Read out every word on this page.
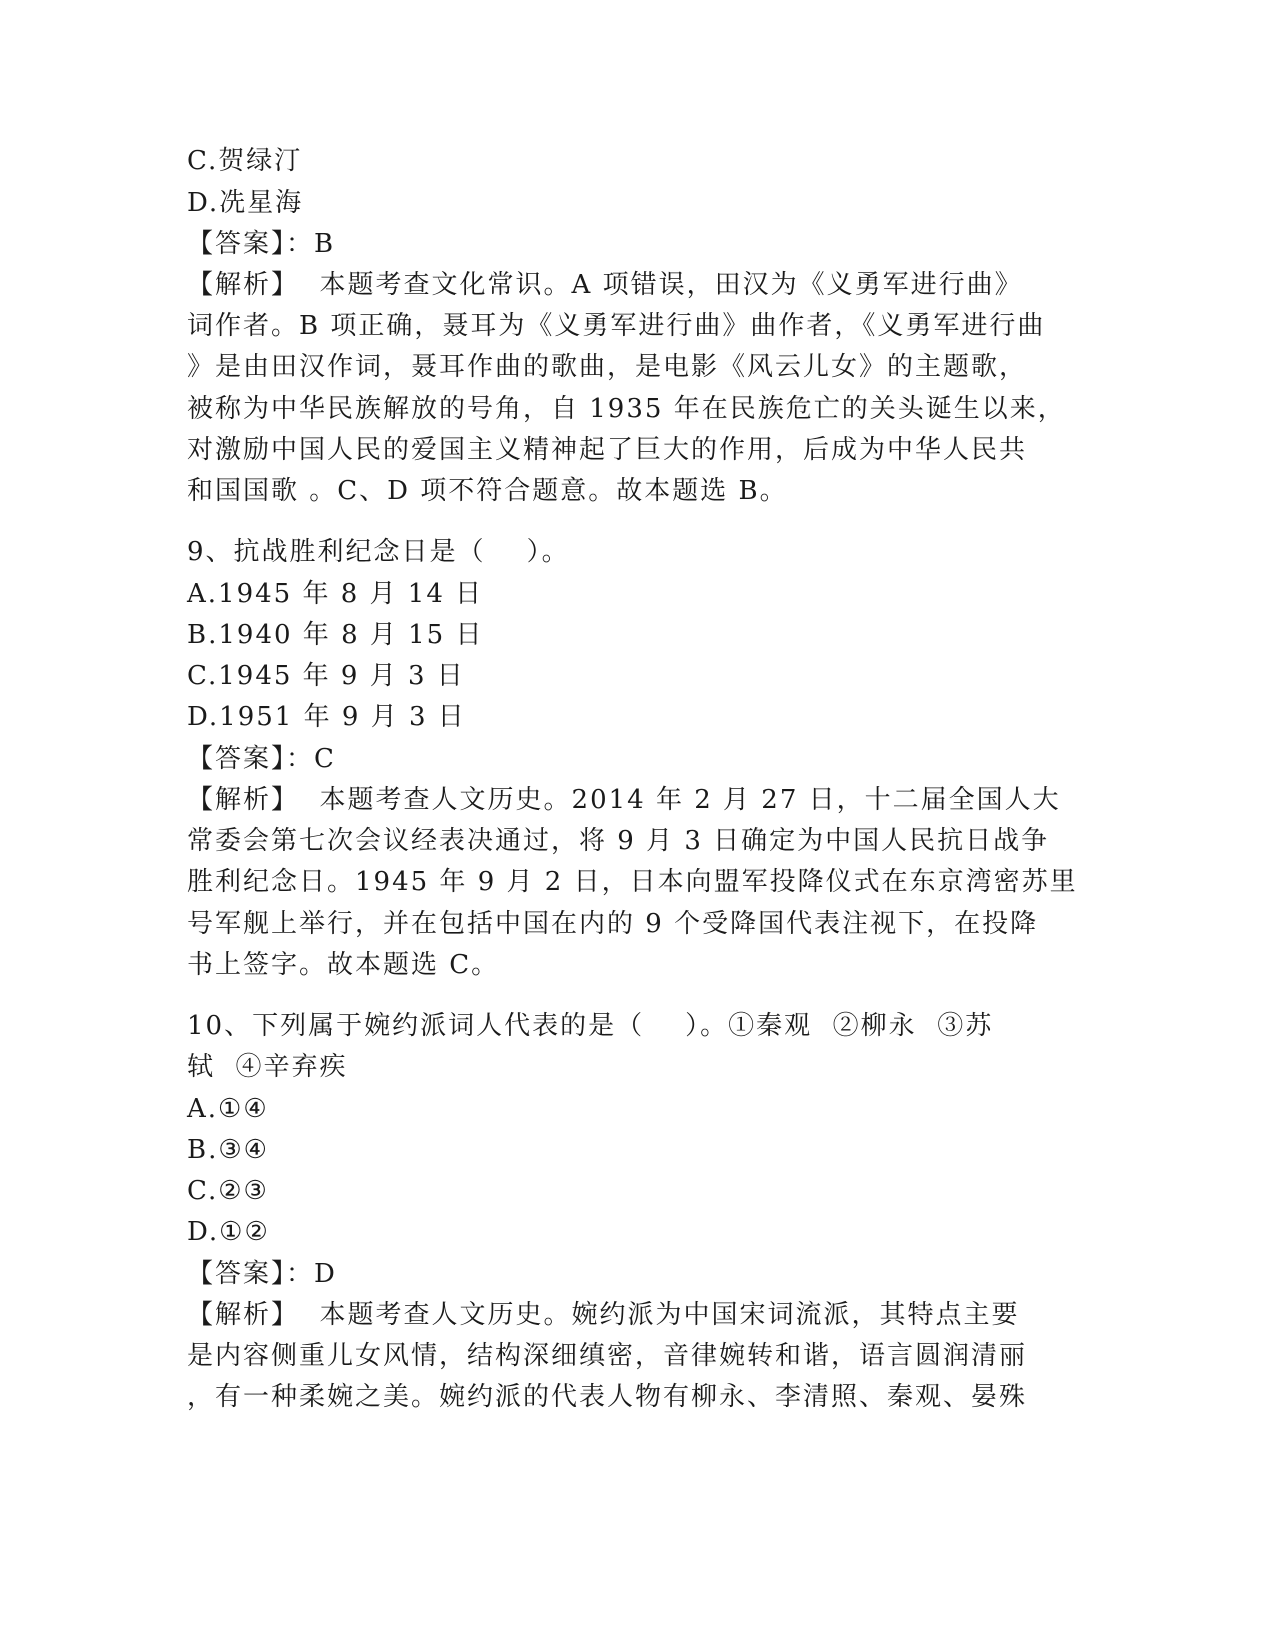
C.贺绿汀
D.冼星海
【答案】：B
【解析】  本题考查文化常识。A 项错误，田汉为《义勇军进行曲》
词作者。B 项正确，聂耳为《义勇军进行曲》曲作者，《义勇军进行曲
》是由田汉作词，聂耳作曲的歌曲，是电影《风云儿女》的主题歌，
被称为中华民族解放的号角，自 1935 年在民族危亡的关头诞生以来，
对激励中国人民的爱国主义精神起了巨大的作用，后成为中华人民共
和国国歌 。C、D 项不符合题意。故本题选 B。
9、抗战胜利纪念日是（    ）。
A.1945 年 8 月 14 日
B.1940 年 8 月 15 日
C.1945 年 9 月 3 日
D.1951 年 9 月 3 日
【答案】：C
【解析】  本题考查人文历史。2014 年 2 月 27 日，十二届全国人大
常委会第七次会议经表决通过，将 9 月 3 日确定为中国人民抗日战争
胜利纪念日。1945 年 9 月 2 日，日本向盟军投降仪式在东京湾密苏里
号军舰上举行，并在包括中国在内的 9 个受降国代表注视下，在投降
书上签字。故本题选 C。
10、下列属于婉约派词人代表的是（    ）。①秦观  ②柳永  ③苏
轼  ④辛弃疾
A.①④
B.③④
C.②③
D.①②
【答案】：D
【解析】  本题考查人文历史。婉约派为中国宋词流派，其特点主要
是内容侧重儿女风情，结构深细缜密，音律婉转和谐，语言圆润清丽
，有一种柔婉之美。婉约派的代表人物有柳永、李清照、秦观、晏殊
